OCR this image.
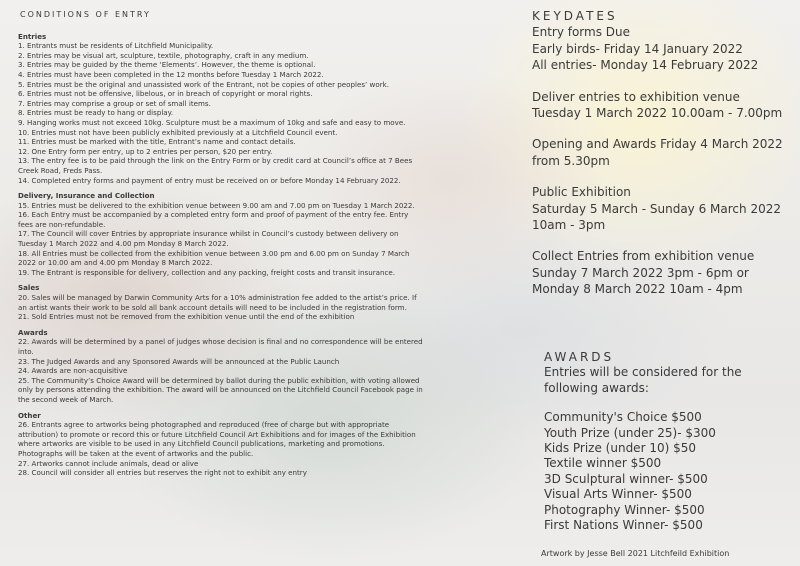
CONDITIONS OF ENTRY
Entries
1. Entrants must be residents of Litchfield Municipality.
2. Entries may be visual art, sculpture, textile, photography, craft in any medium.
3. Entries may be guided by the theme ‘Elements’. However, the theme is optional.
4. Entries must have been completed in the 12 months before Tuesday 1 March 2022.
5. Entries must be the original and unassisted work of the Entrant, not be copies of other peoples’ work.
6. Entries must not be offensive, libelous, or in breach of copyright or moral rights.
7. Entries may comprise a group or set of small items.
8. Entries must be ready to hang or display.
9. Hanging works must not exceed 10kg. Sculpture must be a maximum of 10kg and safe and easy to move.
10. Entries must not have been publicly exhibited previously at a Litchfield Council event.
11. Entries must be marked with the title, Entrant’s name and contact details.
12. One Entry form per entry, up to 2 entries per person, $20 per entry.
13. The entry fee is to be paid through the link on the Entry Form or by credit card at Council’s office at 7 Bees Creek Road, Freds Pass.
14. Completed entry forms and payment of entry must be received on or before Monday 14 February 2022.
Delivery, Insurance and Collection
15. Entries must be delivered to the exhibition venue between 9.00 am and 7.00 pm on Tuesday 1 March 2022.
16. Each Entry must be accompanied by a completed entry form and proof of payment of the entry fee. Entry fees are non-refundable.
17. The Council will cover Entries by appropriate insurance whilst in Council’s custody between delivery on Tuesday 1 March 2022 and 4.00 pm Monday 8 March 2022.
18. All Entries must be collected from the exhibition venue between 3.00 pm and 6.00 pm on Sunday 7 March 2022 or 10.00 am and 4.00 pm Monday 8 March 2022.
19. The Entrant is responsible for delivery, collection and any packing, freight costs and transit insurance.
Sales
20. Sales will be managed by Darwin Community Arts for a 10% administration fee added to the artist’s price. If an artist wants their work to be sold all bank account details will need to be included in the registration form.
21. Sold Entries must not be removed from the exhibition venue until the end of the exhibition
Awards
22. Awards will be determined by a panel of judges whose decision is final and no correspondence will be entered into.
23. The Judged Awards and any Sponsored Awards will be announced at the Public Launch
24. Awards are non-acquisitive
25. The Community’s Choice Award will be determined by ballot during the public exhibition, with voting allowed only by persons attending the exhibition. The award will be announced on the Litchfield Council Facebook page in the second week of March.
Other
26. Entrants agree to artworks being photographed and reproduced (free of charge but with appropriate attribution) to promote or record this or future Litchfield Council Art Exhibitions and for images of the Exhibition where artworks are visible to be used in any Litchfield Council publications, marketing and promotions. Photographs will be taken at the event of artworks and the public.
27. Artworks cannot include animals, dead or alive
28. Council will consider all entries but reserves the right not to exhibit any entry
KEYDATES
Entry forms Due
Early birds- Friday 14 January 2022
All entries- Monday 14 February 2022
Deliver entries to exhibition venue
Tuesday 1 March 2022 10.00am - 7.00pm
Opening and Awards Friday 4 March 2022
from 5.30pm
Public Exhibition
Saturday 5 March - Sunday 6 March 2022 10am - 3pm
Collect Entries from exhibition venue
Sunday 7 March 2022 3pm - 6pm or Monday 8 March 2022 10am - 4pm
AWARDS
Entries will be considered for the following awards:
Community's Choice $500
Youth Prize (under 25)- $300
Kids Prize (under 10) $50
Textile winner $500
3D Sculptural winner- $500
Visual Arts Winner- $500
Photography Winner- $500
First Nations Winner- $500
Artwork by Jesse Bell 2021 Litchfeild Exhibition
